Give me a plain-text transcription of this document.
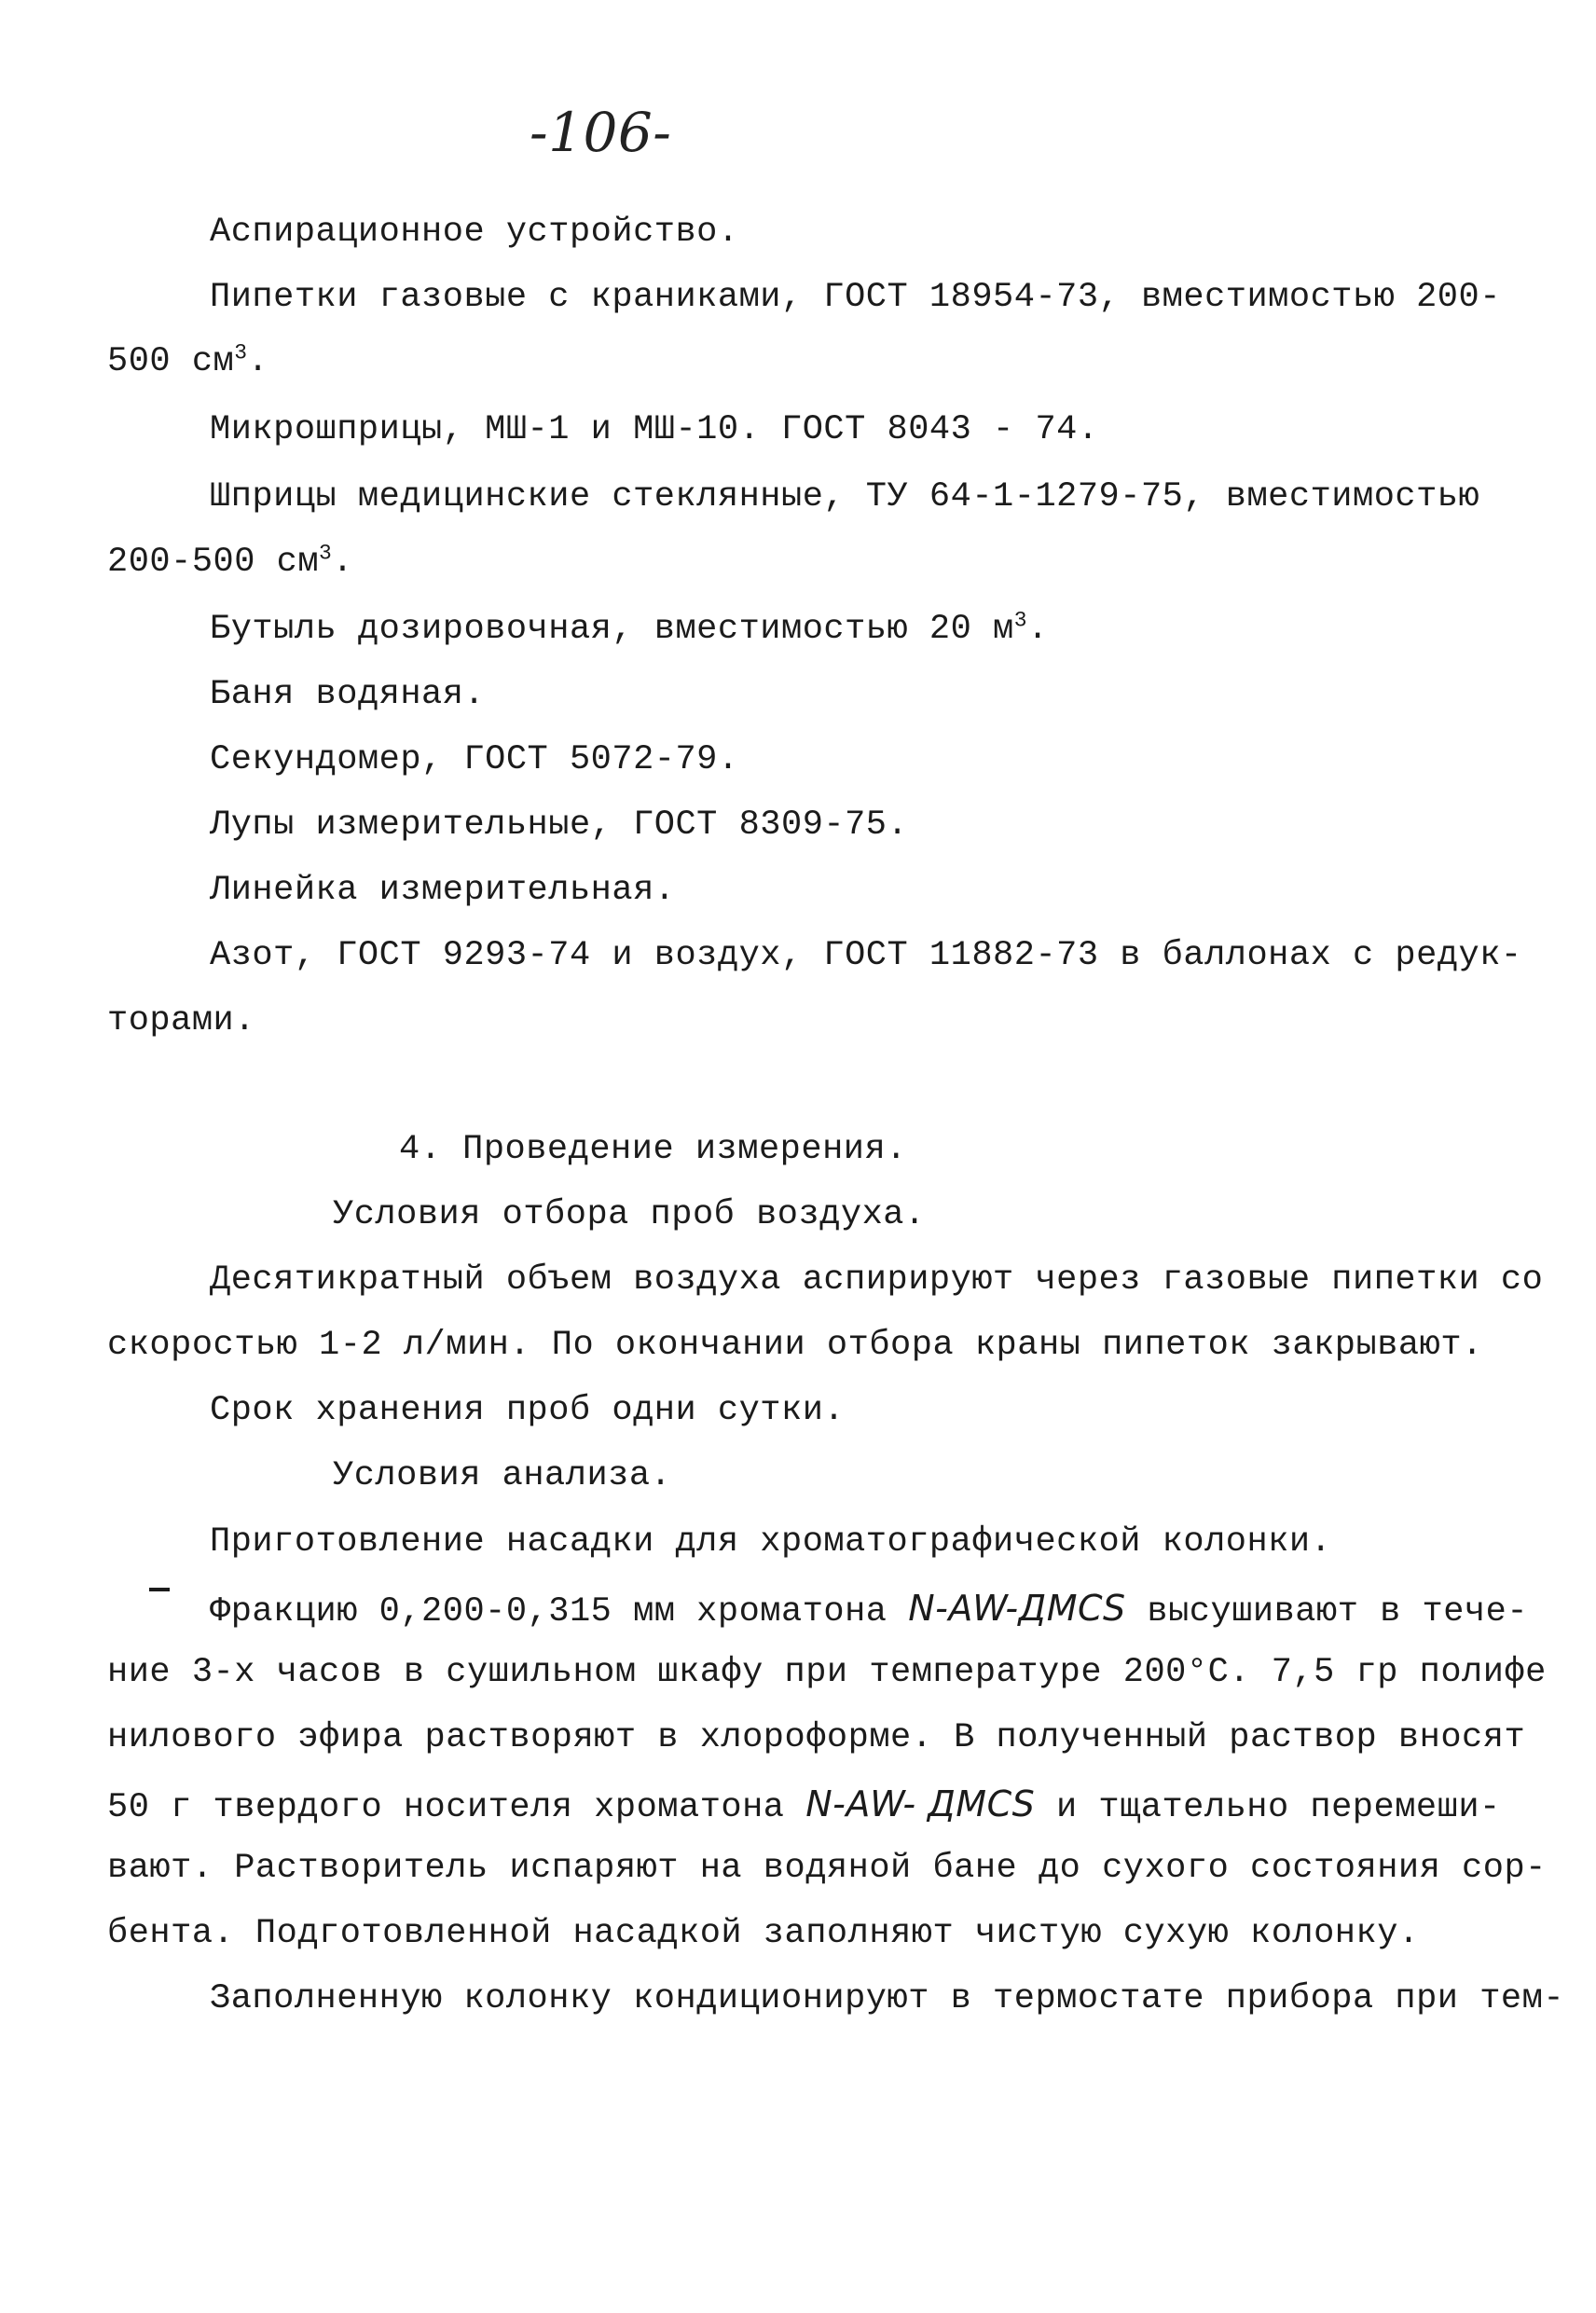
-106-
Аспирационное устройство.
Пипетки газовые с краниками, ГОСТ 18954-73, вместимостью 200-
500 $см^3$.
Микрошприцы, МШ-1 и МШ-10. ГОСТ 8043 - 74.
Шприцы медицинские стеклянные, ТУ 64-1-1279-75, вместимостью
200-500 $см^3$.
Бутыль дозировочная, вместимостью 20 $м^3$.
Баня водяная.
Секундомер, ГОСТ 5072-79.
Лупы измерительные, ГОСТ 8309-75.
Линейка измерительная.
Азот, ГОСТ 9293-74 и воздух, ГОСТ 11882-73 в баллонах с редук-
торами.
4. Проведение измерения.
Условия отбора проб воздуха.
Десятикратный объем воздуха аспирируют через газовые пипетки со
скоростью 1-2 л/мин. По окончании отбора краны пипеток закрывают.
Срок хранения проб одни сутки.
Условия анализа.
Приготовление насадки для хроматографической колонки.
Фракцию 0,200-0,315 мм хроматона N-AW-ДМСS высушивают в тече-
ние 3-х часов в сушильном шкафу при температуре 200°С. 7,5 гр полифе
нилового эфира растворяют в хлороформе. В полученный раствор вносят
50 г твердого носителя хроматона N-AW- ДМСS и тщательно перемеши-
вают. Растворитель испаряют на водяной бане до сухого состояния сор-
бента. Подготовленной насадкой заполняют чистую сухую колонку.
Заполненную колонку кондиционируют в термостате прибора при тем-
